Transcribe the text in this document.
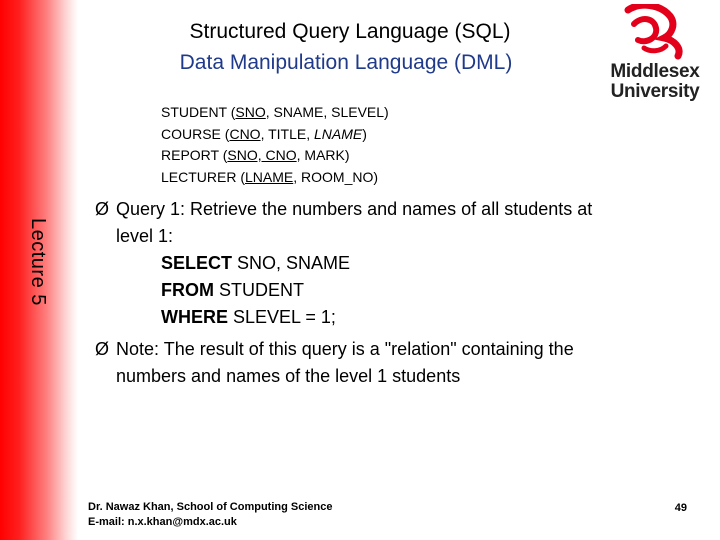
Lecture 5
Structured Query Language (SQL)
Data Manipulation Language (DML)	Middlesex
University
STUDENT (SNO, SNAME, SLEVEL)
COURSE (CNO, TITLE, LNAME)
REPORT (SNO, CNO, MARK)
LECTURER (LNAME, ROOM_NO)
Ø Query 1: Retrieve the numbers and names of all students at
level 1:
SELECT SNO, SNAME
FROM STUDENT
WHERE SLEVEL = 1;
Ø Note: The result of this query is a "relation" containing the
numbers and names of the level 1 students
Dr. Nawaz Khan, School of Computing Science
E-mail: n.x.khan@mdx.ac.uk
49
